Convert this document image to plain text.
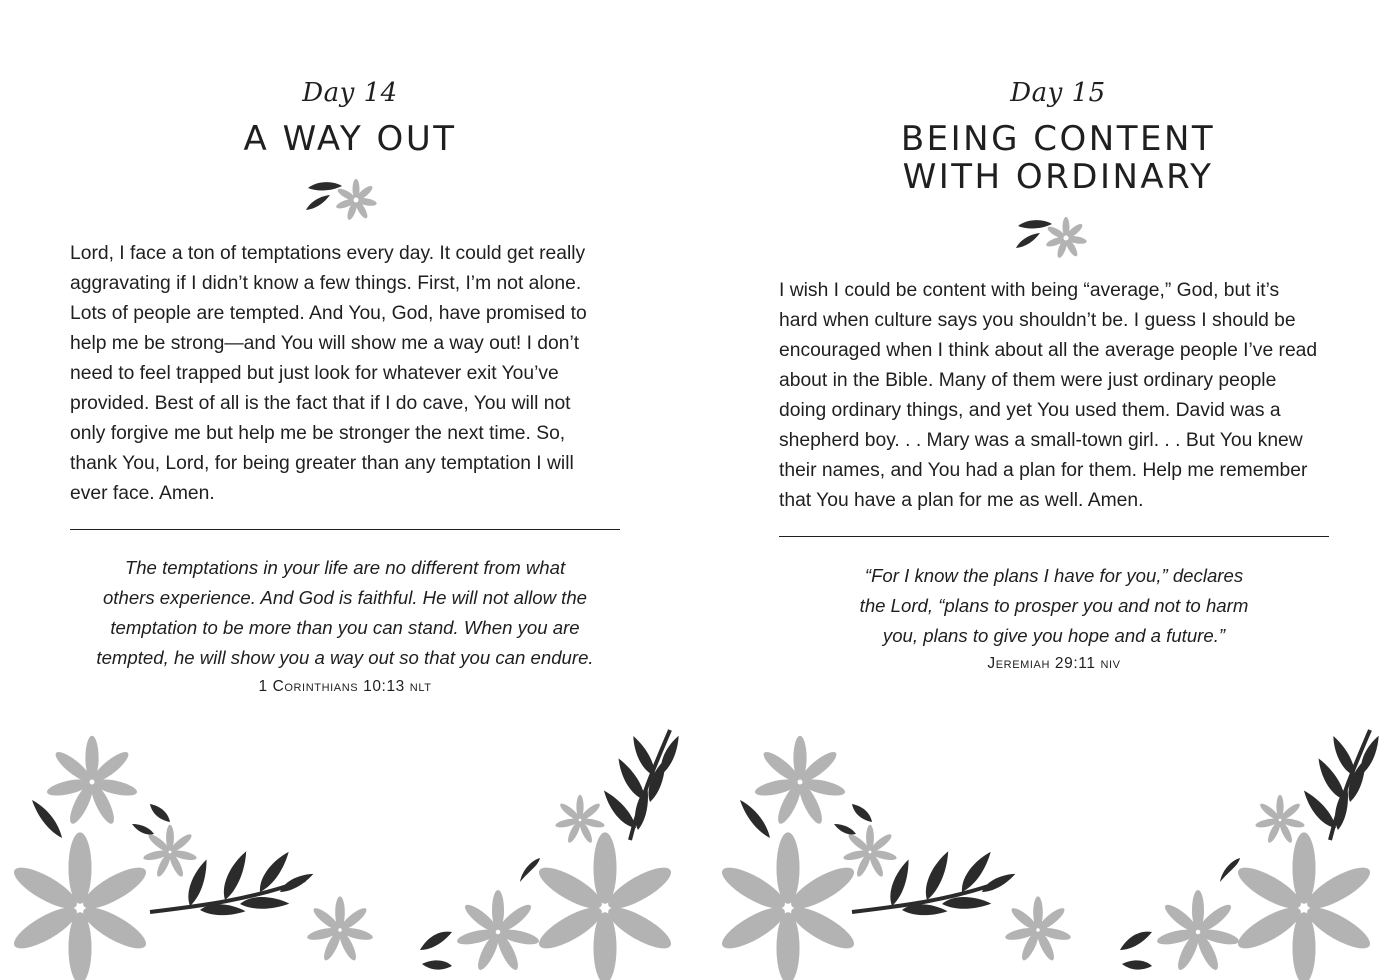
Day 14
A WAY OUT
Lord, I face a ton of temptations every day. It could get really
aggravating if I didn’t know a few things. First, I’m not alone.
Lots of people are tempted. And You, God, have promised to
help me be strong—and You will show me a way out! I don’t
need to feel trapped but just look for whatever exit You’ve
provided. Best of all is the fact that if I do cave, You will not
only forgive me but help me be stronger the next time. So,
thank You, Lord, for being greater than any temptation I will
ever face. Amen.
The temptations in your life are no different from what
others experience. And God is faithful. He will not allow the
temptation to be more than you can stand. When you are
tempted, he will show you a way out so that you can endure.
1 Corinthians 10:13 nlt
Day 15
BEING CONTENT
WITH ORDINARY
I wish I could be content with being “average,” God, but it’s
hard when culture says you shouldn’t be. I guess I should be
encouraged when I think about all the average people I’ve read
about in the Bible. Many of them were just ordinary people
doing ordinary things, and yet You used them. David was a
shepherd boy. . . Mary was a small-town girl. . . But You knew
their names, and You had a plan for them. Help me remember
that You have a plan for me as well. Amen.
“For I know the plans I have for you,” declares
the Lord, “plans to prosper you and not to harm
you, plans to give you hope and a future.”
Jeremiah 29:11 niv
